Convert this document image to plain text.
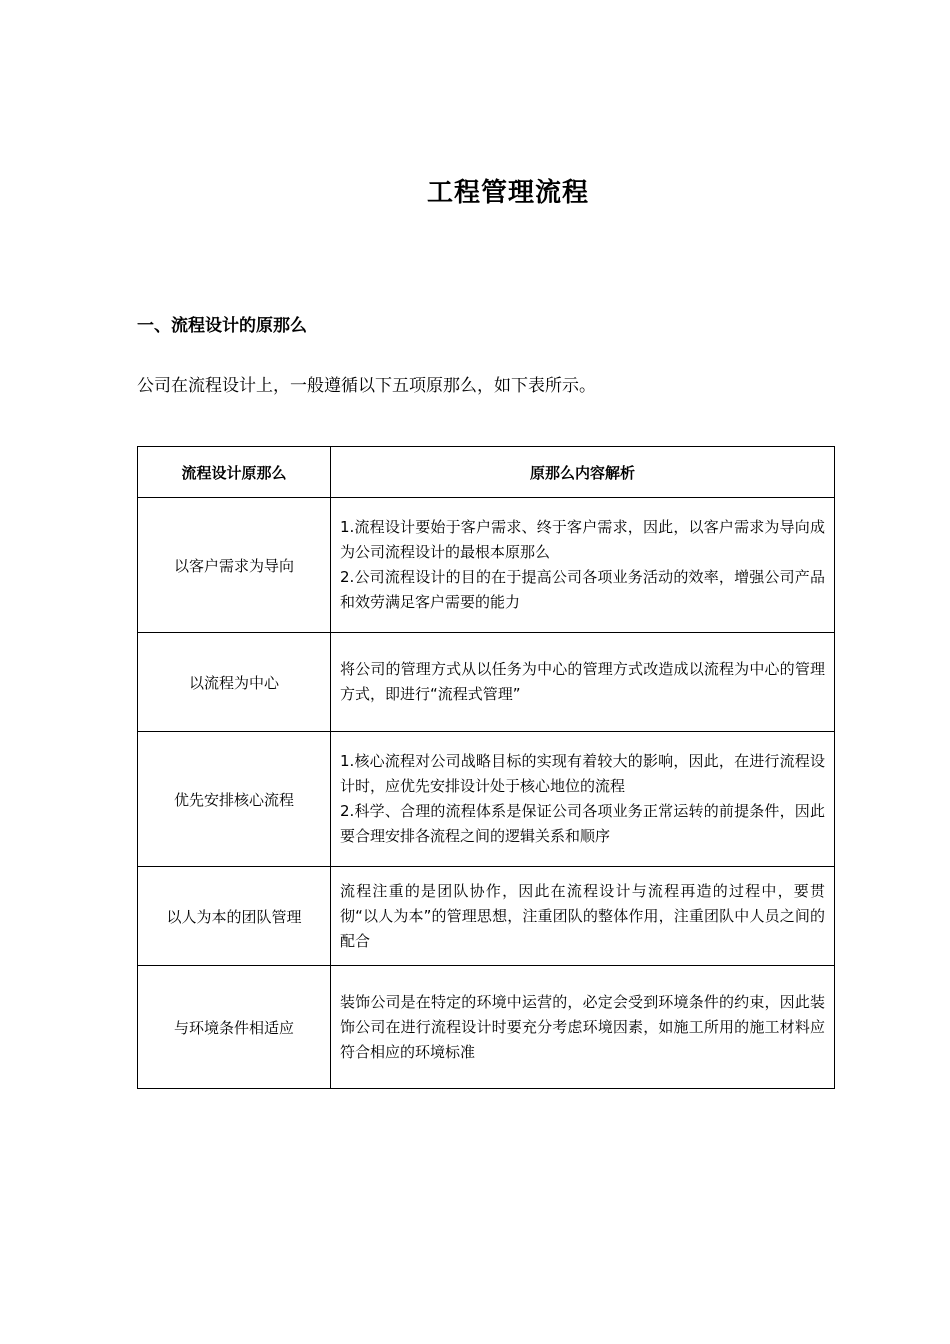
工程管理流程
一、流程设计的原那么
公司在流程设计上，一般遵循以下五项原那么，如下表所示。
流程设计原那么	原那么内容解析
以客户需求为导向	1.流程设计要始于客户需求、终于客户需求，因此，以客户需求为导向成为公司流程设计的最根本原那么
2.公司流程设计的目的在于提高公司各项业务活动的效率，增强公司产品和效劳满足客户需要的能力

以流程为中心	将公司的管理方式从以任务为中心的管理方式改造成以流程为中心的管理方式，即进行“流程式管理”

优先安排核心流程	1.核心流程对公司战略目标的实现有着较大的影响，因此，在进行流程设计时，应优先安排设计处于核心地位的流程
2.科学、合理的流程体系是保证公司各项业务正常运转的前提条件，因此要合理安排各流程之间的逻辑关系和顺序

以人为本的团队管理	流程注重的是团队协作，因此在流程设计与流程再造的过程中，要贯彻“以人为本”的管理思想，注重团队的整体作用，注重团队中人员之间的配合

与环境条件相适应	装饰公司是在特定的环境中运营的，必定会受到环境条件的约束，因此装饰公司在进行流程设计时要充分考虑环境因素，如施工所用的施工材料应符合相应的环境标准
